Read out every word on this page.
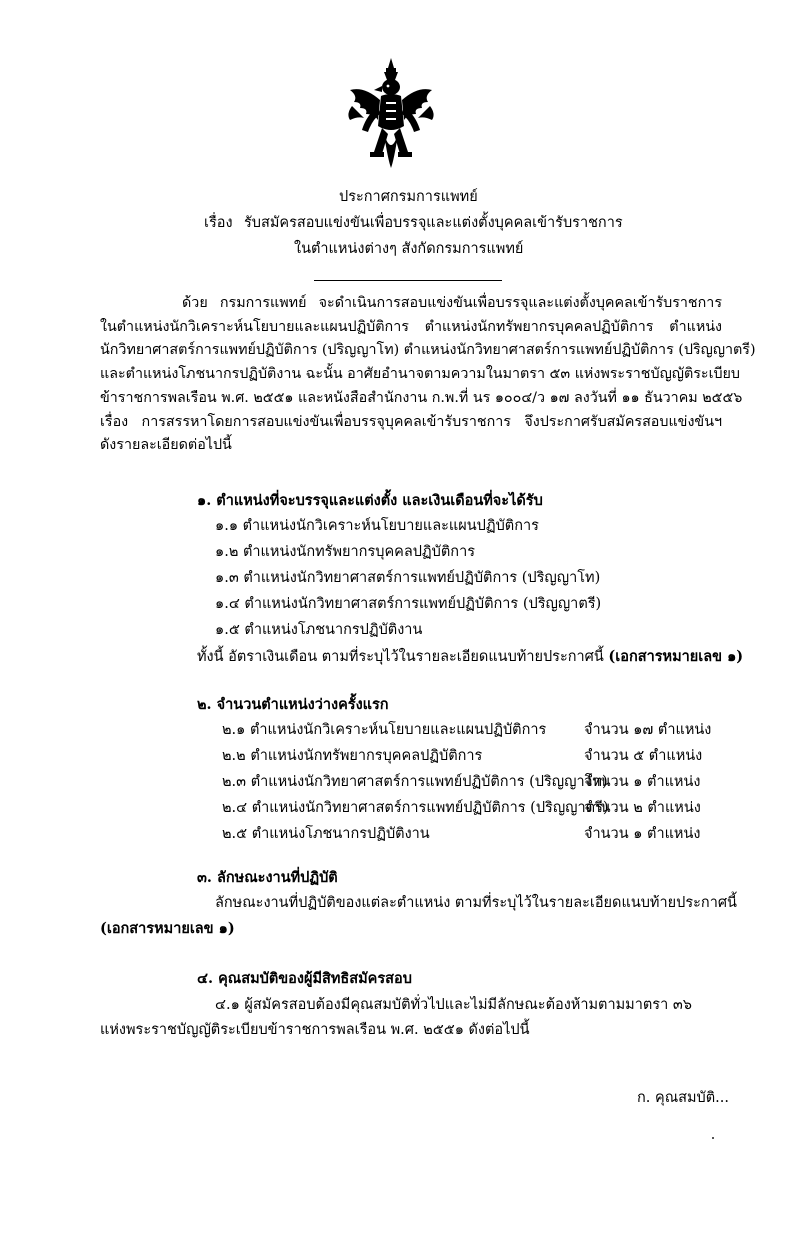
ประกาศกรมการแพทย์
เรื่อง รับสมัครสอบแข่งขันเพื่อบรรจุและแต่งตั้งบุคคลเข้ารับราชการ
ในตำแหน่งต่างๆ สังกัดกรมการแพทย์
ด้วย กรมการแพทย์ จะดำเนินการสอบแข่งขันเพื่อบรรจุและแต่งตั้งบุคคลเข้ารับราชการ
ในตำแหน่งนักวิเคราะห์นโยบายและแผนปฏิบัติการ ตำแหน่งนักทรัพยากรบุคคลปฏิบัติการ ตำแหน่ง
นักวิทยาศาสตร์การแพทย์ปฏิบัติการ (ปริญญาโท) ตำแหน่งนักวิทยาศาสตร์การแพทย์ปฏิบัติการ (ปริญญาตรี)
และตำแหน่งโภชนากรปฏิบัติงาน ฉะนั้น อาศัยอำนาจตามความในมาตรา ๕๓ แห่งพระราชบัญญัติระเบียบ
ข้าราชการพลเรือน พ.ศ. ๒๕๕๑ และหนังสือสำนักงาน ก.พ.ที่ นร ๑๐๐๔/ว ๑๗ ลงวันที่ ๑๑ ธันวาคม ๒๕๕๖
เรื่อง การสรรหาโดยการสอบแข่งขันเพื่อบรรจุบุคคลเข้ารับราชการ จึงประกาศรับสมัครสอบแข่งขันฯ
ดังรายละเอียดต่อไปนี้
๑. ตำแหน่งที่จะบรรจุและแต่งตั้ง และเงินเดือนที่จะได้รับ
๑.๑ ตำแหน่งนักวิเคราะห์นโยบายและแผนปฏิบัติการ
๑.๒ ตำแหน่งนักทรัพยากรบุคคลปฏิบัติการ
๑.๓ ตำแหน่งนักวิทยาศาสตร์การแพทย์ปฏิบัติการ (ปริญญาโท)
๑.๔ ตำแหน่งนักวิทยาศาสตร์การแพทย์ปฏิบัติการ (ปริญญาตรี)
๑.๕ ตำแหน่งโภชนากรปฏิบัติงาน
ทั้งนี้ อัตราเงินเดือน ตามที่ระบุไว้ในรายละเอียดแนบท้ายประกาศนี้ (เอกสารหมายเลข ๑)
๒. จำนวนตำแหน่งว่างครั้งแรก
๒.๑ ตำแหน่งนักวิเคราะห์นโยบายและแผนปฏิบัติการ	จำนวน ๑๗ ตำแหน่ง
๒.๒ ตำแหน่งนักทรัพยากรบุคคลปฏิบัติการ	จำนวน ๕ ตำแหน่ง
๒.๓ ตำแหน่งนักวิทยาศาสตร์การแพทย์ปฏิบัติการ (ปริญญาโท)
จำนวน ๑ ตำแหน่ง
๒.๔ ตำแหน่งนักวิทยาศาสตร์การแพทย์ปฏิบัติการ (ปริญญาตรี)
จำนวน ๒ ตำแหน่ง
๒.๕ ตำแหน่งโภชนากรปฏิบัติงาน	จำนวน ๑ ตำแหน่ง
๓. ลักษณะงานที่ปฏิบัติ
ลักษณะงานที่ปฏิบัติของแต่ละตำแหน่ง ตามที่ระบุไว้ในรายละเอียดแนบท้ายประกาศนี้
(เอกสารหมายเลข ๑)
๔. คุณสมบัติของผู้มีสิทธิสมัครสอบ
๔.๑ ผู้สมัครสอบต้องมีคุณสมบัติทั่วไปและไม่มีลักษณะต้องห้ามตามมาตรา ๓๖
แห่งพระราชบัญญัติระเบียบข้าราชการพลเรือน พ.ศ. ๒๕๕๑ ดังต่อไปนี้
ก. คุณสมบัติ...
